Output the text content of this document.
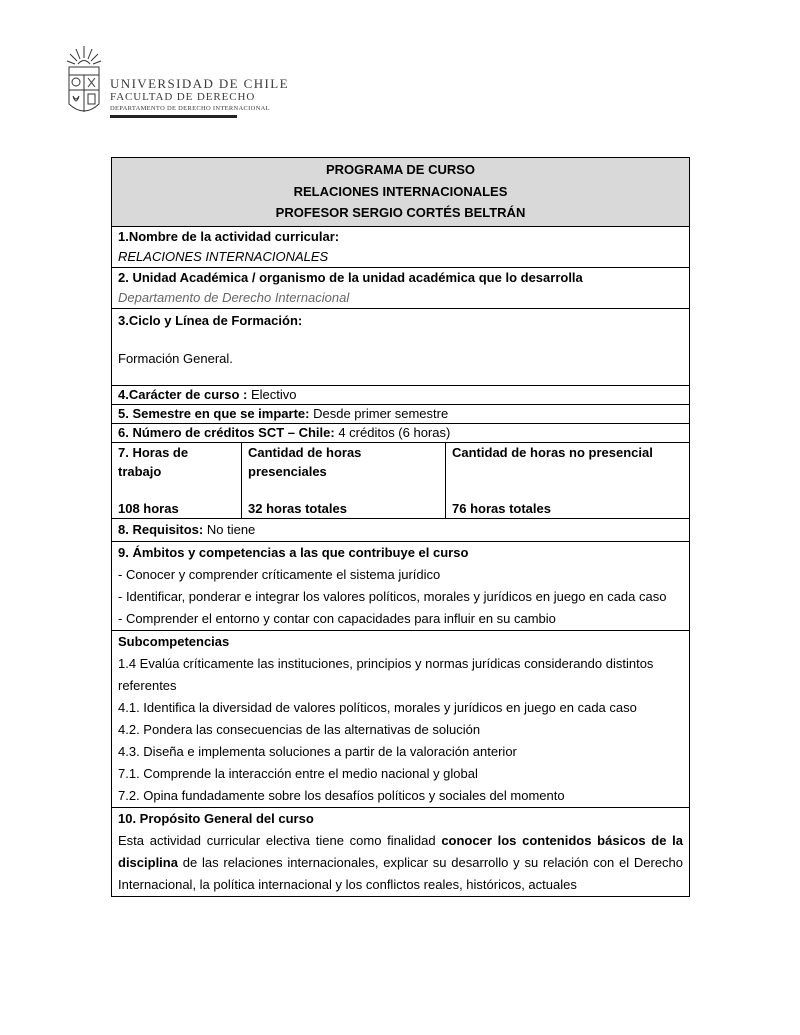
UNIVERSIDAD DE CHILE
FACULTAD DE DERECHO
DEPARTAMENTO DE DERECHO INTERNACIONAL
PROGRAMA DE CURSO
RELACIONES INTERNACIONALES
PROFESOR SERGIO CORTÉS BELTRÁN

1.Nombre de la actividad curricular:
RELACIONES INTERNACIONALES

2. Unidad Académica / organismo de la unidad académica que lo desarrolla
Departamento de Derecho Internacional

3.Ciclo y Línea de Formación:
Formación General.

4.Carácter de curso : Electivo
5. Semestre en que se imparte: Desde primer semestre
6. Número de créditos SCT – Chile: 4 créditos (6 horas)

7. Horas de trabajo
108 horas

Cantidad de horas presenciales
32 horas totales

Cantidad de horas no presencial
76 horas totales

8. Requisitos: No tiene

9. Ámbitos y competencias a las que contribuye el curso
- Conocer y comprender críticamente el sistema jurídico
- Identificar, ponderar e integrar los valores políticos, morales y jurídicos en juego en cada caso
- Comprender el entorno y contar con capacidades para influir en su cambio

Subcompetencias
1.4 Evalúa críticamente las instituciones, principios y normas jurídicas considerando distintos referentes
4.1. Identifica la diversidad de valores políticos, morales y jurídicos en juego en cada caso
4.2. Pondera las consecuencias de las alternativas de solución
4.3. Diseña e implementa soluciones a partir de la valoración anterior
7.1. Comprende la interacción entre el medio nacional y global
7.2. Opina fundadamente sobre los desafíos políticos y sociales del momento

10. Propósito General del curso
Esta actividad curricular electiva tiene como finalidad conocer los contenidos básicos de la disciplina de las relaciones internacionales, explicar su desarrollo y su relación con el Derecho Internacional, la política internacional y los conflictos reales, históricos, actuales
